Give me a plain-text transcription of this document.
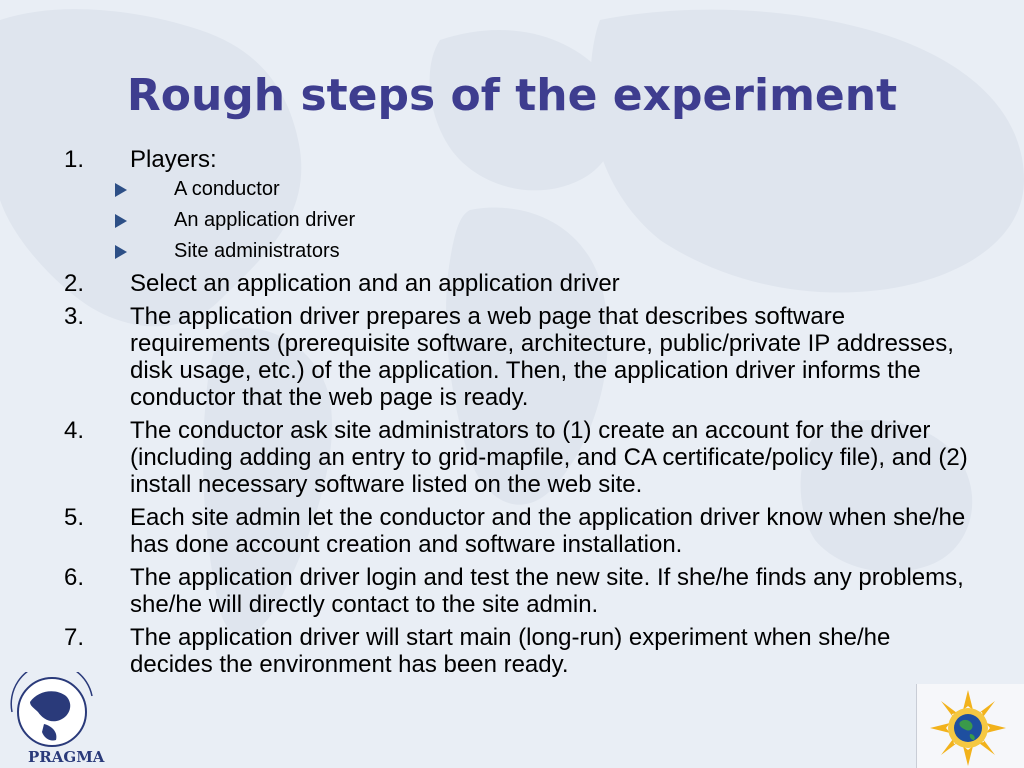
Rough steps of the experiment
1. Players:
A conductor
An application driver
Site administrators
2. Select an application and an application driver
3. The application driver prepares a web page that describes software requirements (prerequisite software, architecture, public/private IP addresses, disk usage, etc.) of the application. Then, the application driver informs the conductor that the web page is ready.
4. The conductor ask site administrators to (1) create an account for the driver (including adding an entry to grid-mapfile, and CA certificate/policy file), and (2) install necessary software listed on the web site.
5. Each site admin let the conductor and the application driver know when she/he has done account creation and software installation.
6. The application driver login and test the new site. If she/he finds any problems, she/he will directly contact to the site admin.
7. The application driver will start main (long-run) experiment when she/he decides the environment has been ready.
PRAGMA
